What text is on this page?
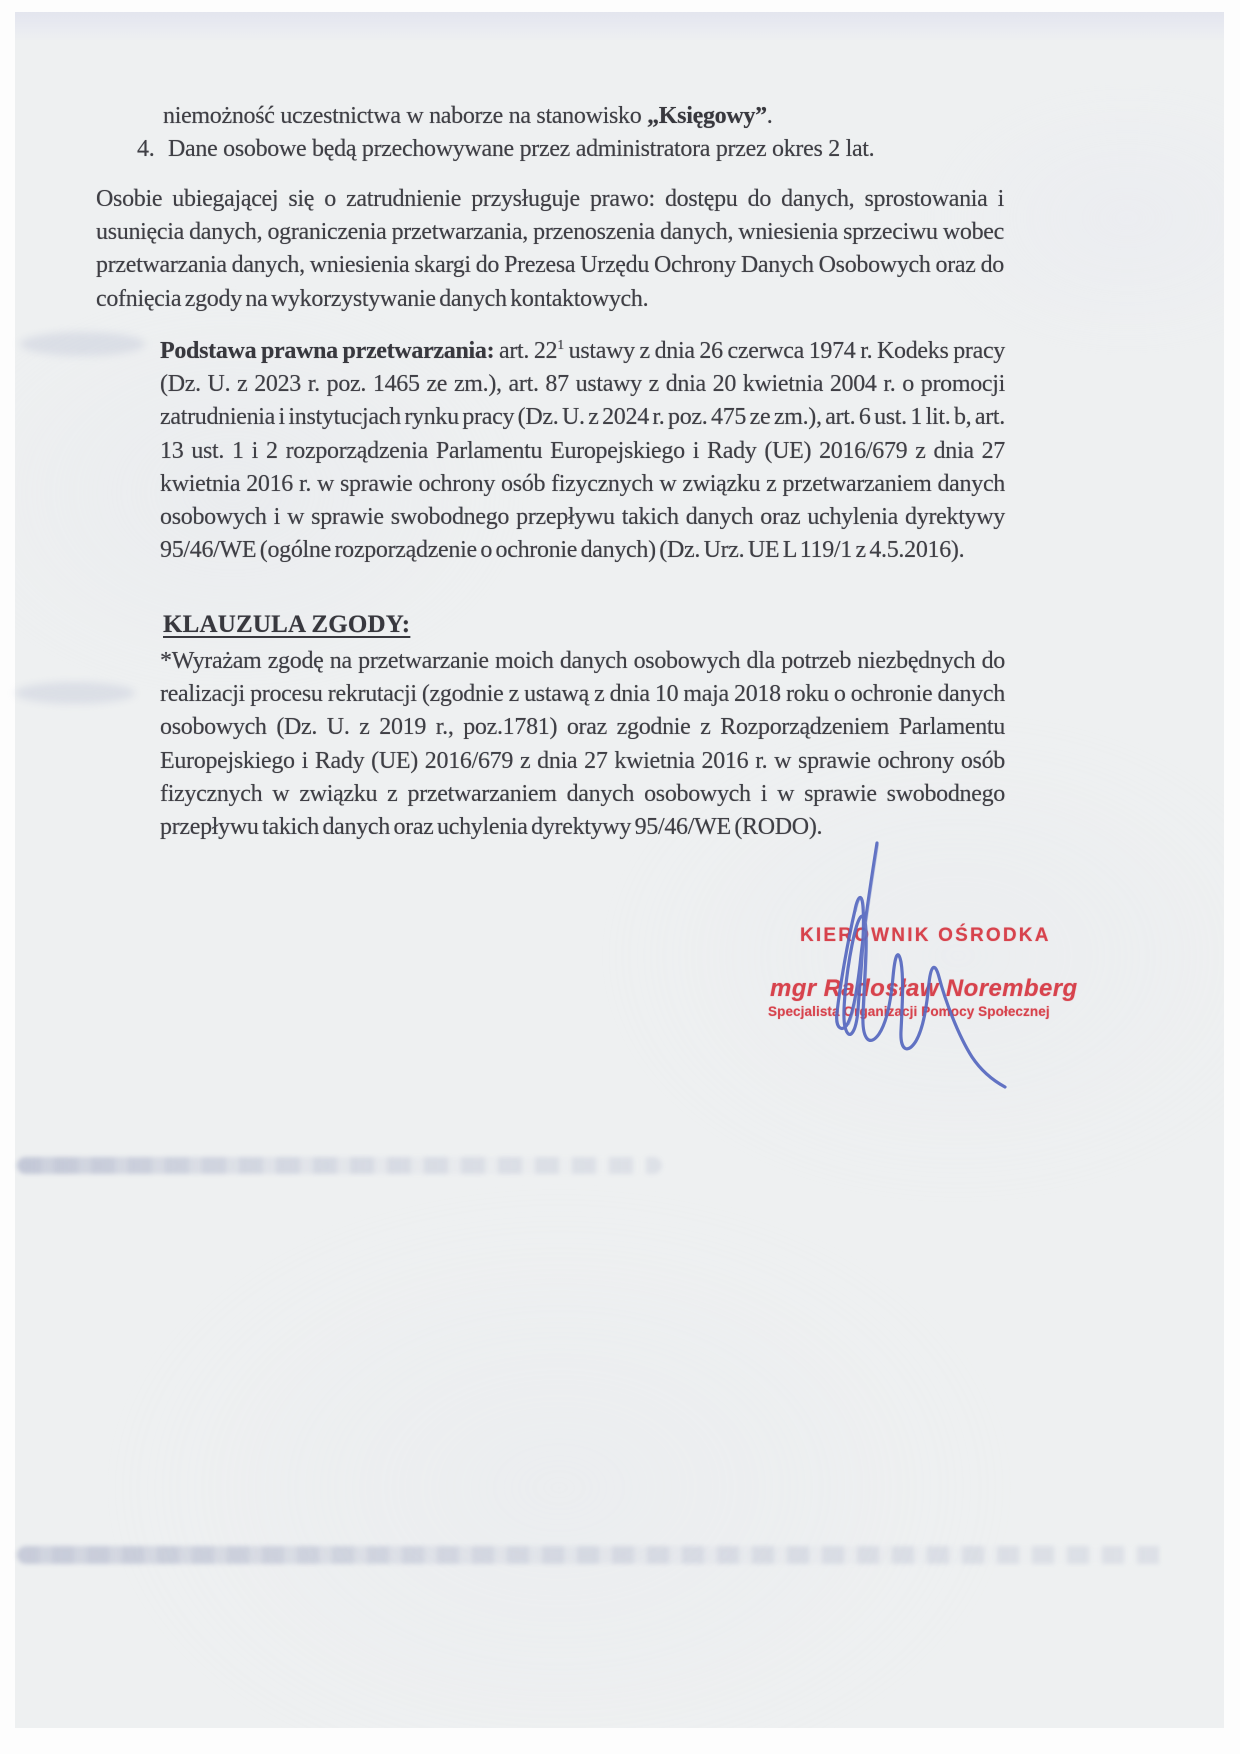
niemożność uczestnictwa w naborze na stanowisko „Księgowy”.
4. Dane osobowe będą przechowywane przez administratora przez okres 2 lat.
Osobie ubiegającej się o zatrudnienie przysługuje prawo: dostępu do danych, sprostowania i usunięcia danych, ograniczenia przetwarzania, przenoszenia danych, wniesienia sprzeciwu wobec przetwarzania danych, wniesienia skargi do Prezesa Urzędu Ochrony Danych Osobowych oraz do cofnięcia zgody na wykorzystywanie danych kontaktowych.
Podstawa prawna przetwarzania: art. $22^1$ ustawy z dnia 26 czerwca 1974 r. Kodeks pracy (Dz. U. z 2023 r. poz. 1465 ze zm.), art. 87 ustawy z dnia 20 kwietnia 2004 r. o promocji zatrudnienia i instytucjach rynku pracy (Dz. U. z 2024 r. poz. 475 ze zm.), art. 6 ust. 1 lit. b, art. 13 ust. 1 i 2 rozporządzenia Parlamentu Europejskiego i Rady (UE) 2016/679 z dnia 27 kwietnia 2016 r. w sprawie ochrony osób fizycznych w związku z przetwarzaniem danych osobowych i w sprawie swobodnego przepływu takich danych oraz uchylenia dyrektywy 95/46/WE (ogólne rozporządzenie o ochronie danych) (Dz. Urz. UE L 119/1 z 4.5.2016).
KLAUZULA ZGODY:
*Wyrażam zgodę na przetwarzanie moich danych osobowych dla potrzeb niezbędnych do realizacji procesu rekrutacji (zgodnie z ustawą z dnia 10 maja 2018 roku o ochronie danych osobowych (Dz. U. z 2019 r., poz.1781) oraz zgodnie z Rozporządzeniem Parlamentu Europejskiego i Rady (UE) 2016/679 z dnia 27 kwietnia 2016 r. w sprawie ochrony osób fizycznych w związku z przetwarzaniem danych osobowych i w sprawie swobodnego przepływu takich danych oraz uchylenia dyrektywy 95/46/WE (RODO).
KIEROWNIK OŚRODKA
mgr Radosław Noremberg
Specjalista Organizacji Pomocy Społecznej
